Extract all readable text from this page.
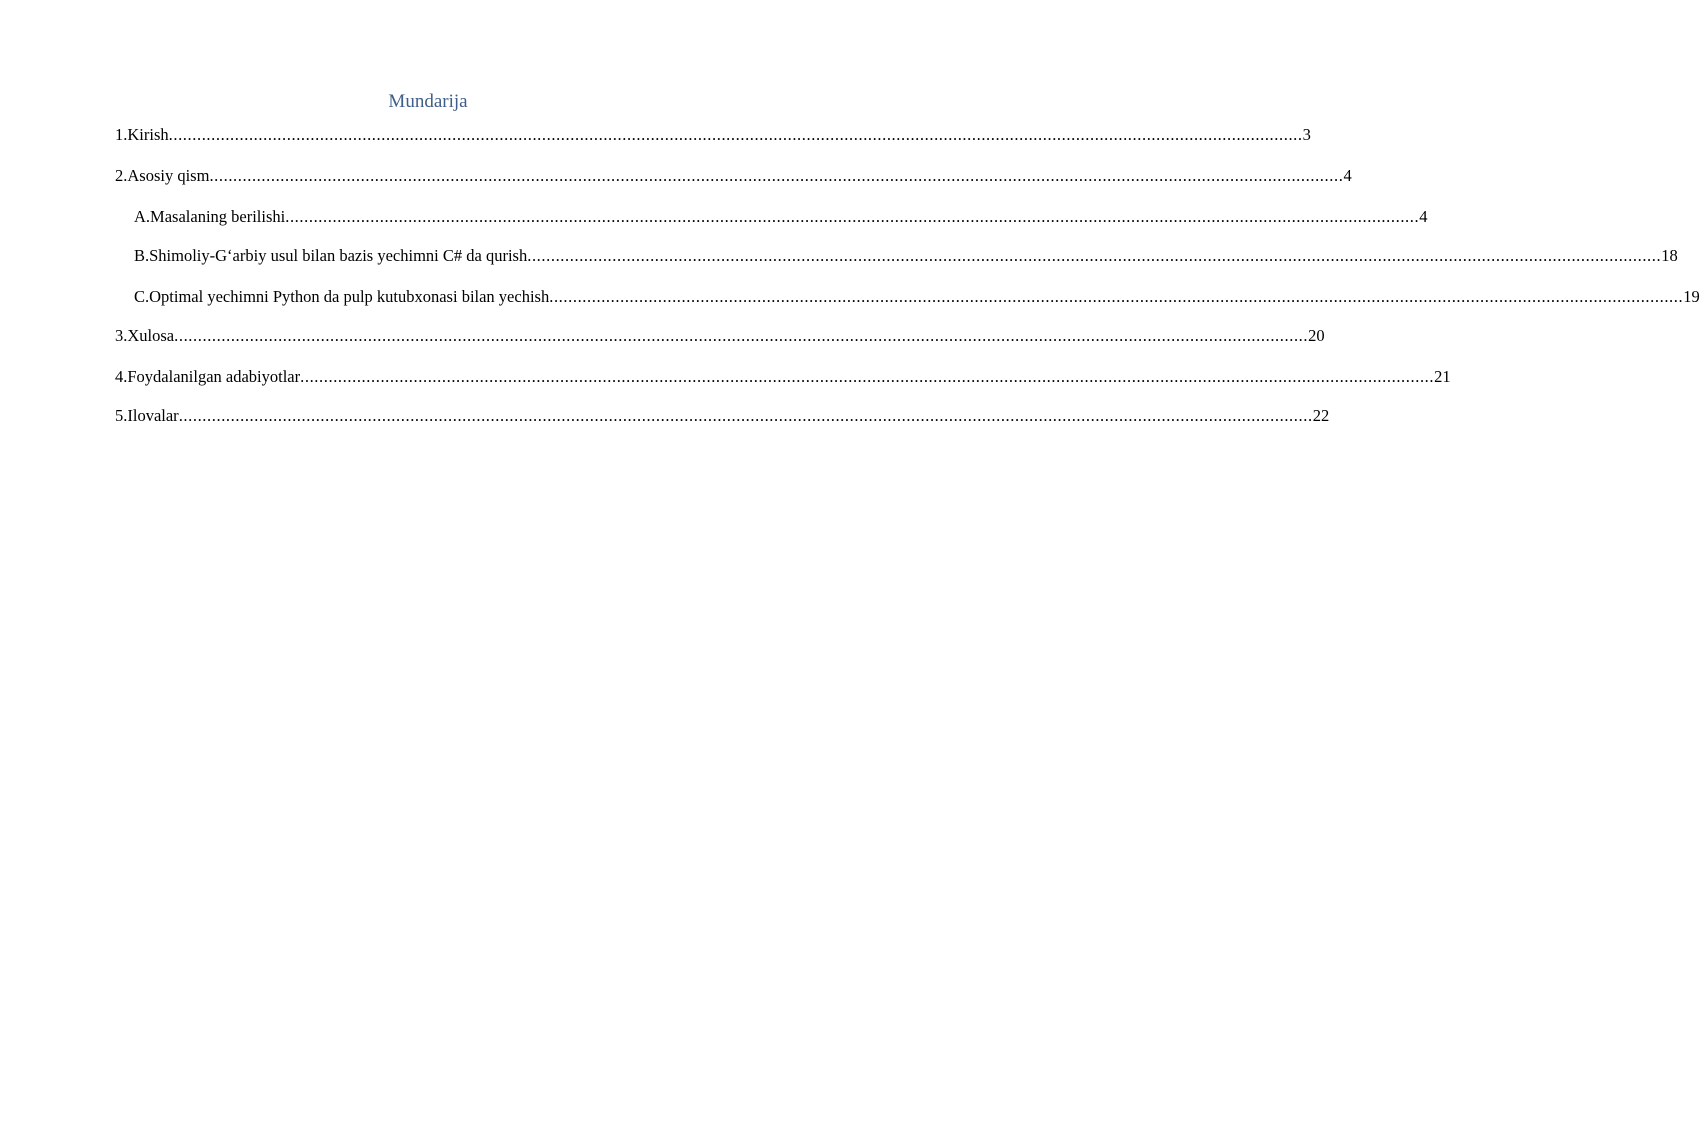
Mundarija
1.Kirish ................................................................................................................................................................................................................................................ 3
2.Asosiy qism ................................................................................................................................................................................................................................................ 4
A.Masalaning berilishi ................................................................................................................................................................................................................................................ 4
B.Shimoliy-G‘arbiy usul bilan bazis yechimni C# da qurish ................................................................................................................................................................................................................................................ 18
C.Optimal yechimni Python da pulp kutubxonasi bilan yechish ................................................................................................................................................................................................................................................ 19
3.Xulosa ................................................................................................................................................................................................................................................ 20
4.Foydalanilgan adabiyotlar ................................................................................................................................................................................................................................................ 21
5.Ilovalar ................................................................................................................................................................................................................................................ 22
